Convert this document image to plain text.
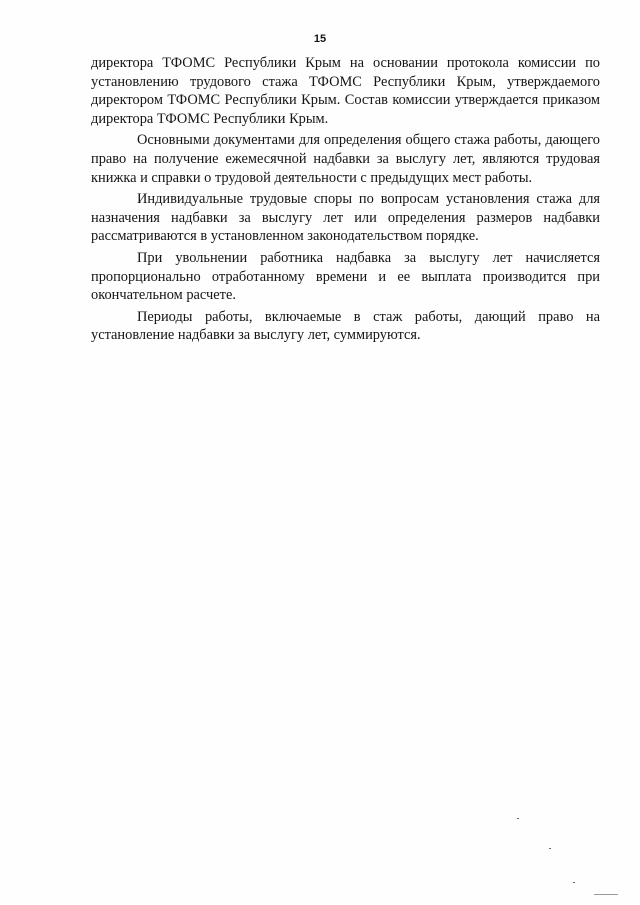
15

директора ТФОМС Республики Крым на основании протокола комиссии по установлению трудового стажа ТФОМС Республики Крым, утверждаемого директором ТФОМС Республики Крым. Состав комиссии утверждается приказом директора ТФОМС Республики Крым.

Основными документами для определения общего стажа работы, дающего право на получение ежемесячной надбавки за выслугу лет, являются трудовая книжка и справки о трудовой деятельности с предыдущих мест работы.

Индивидуальные трудовые споры по вопросам установления стажа для назначения надбавки за выслугу лет или определения размеров надбавки рассматриваются в установленном законодательством порядке.

При увольнении работника надбавка за выслугу лет начисляется пропорционально отработанному времени и ее выплата производится при окончательном расчете.

Периоды работы, включаемые в стаж работы, дающий право на установление надбавки за выслугу лет, суммируются.
